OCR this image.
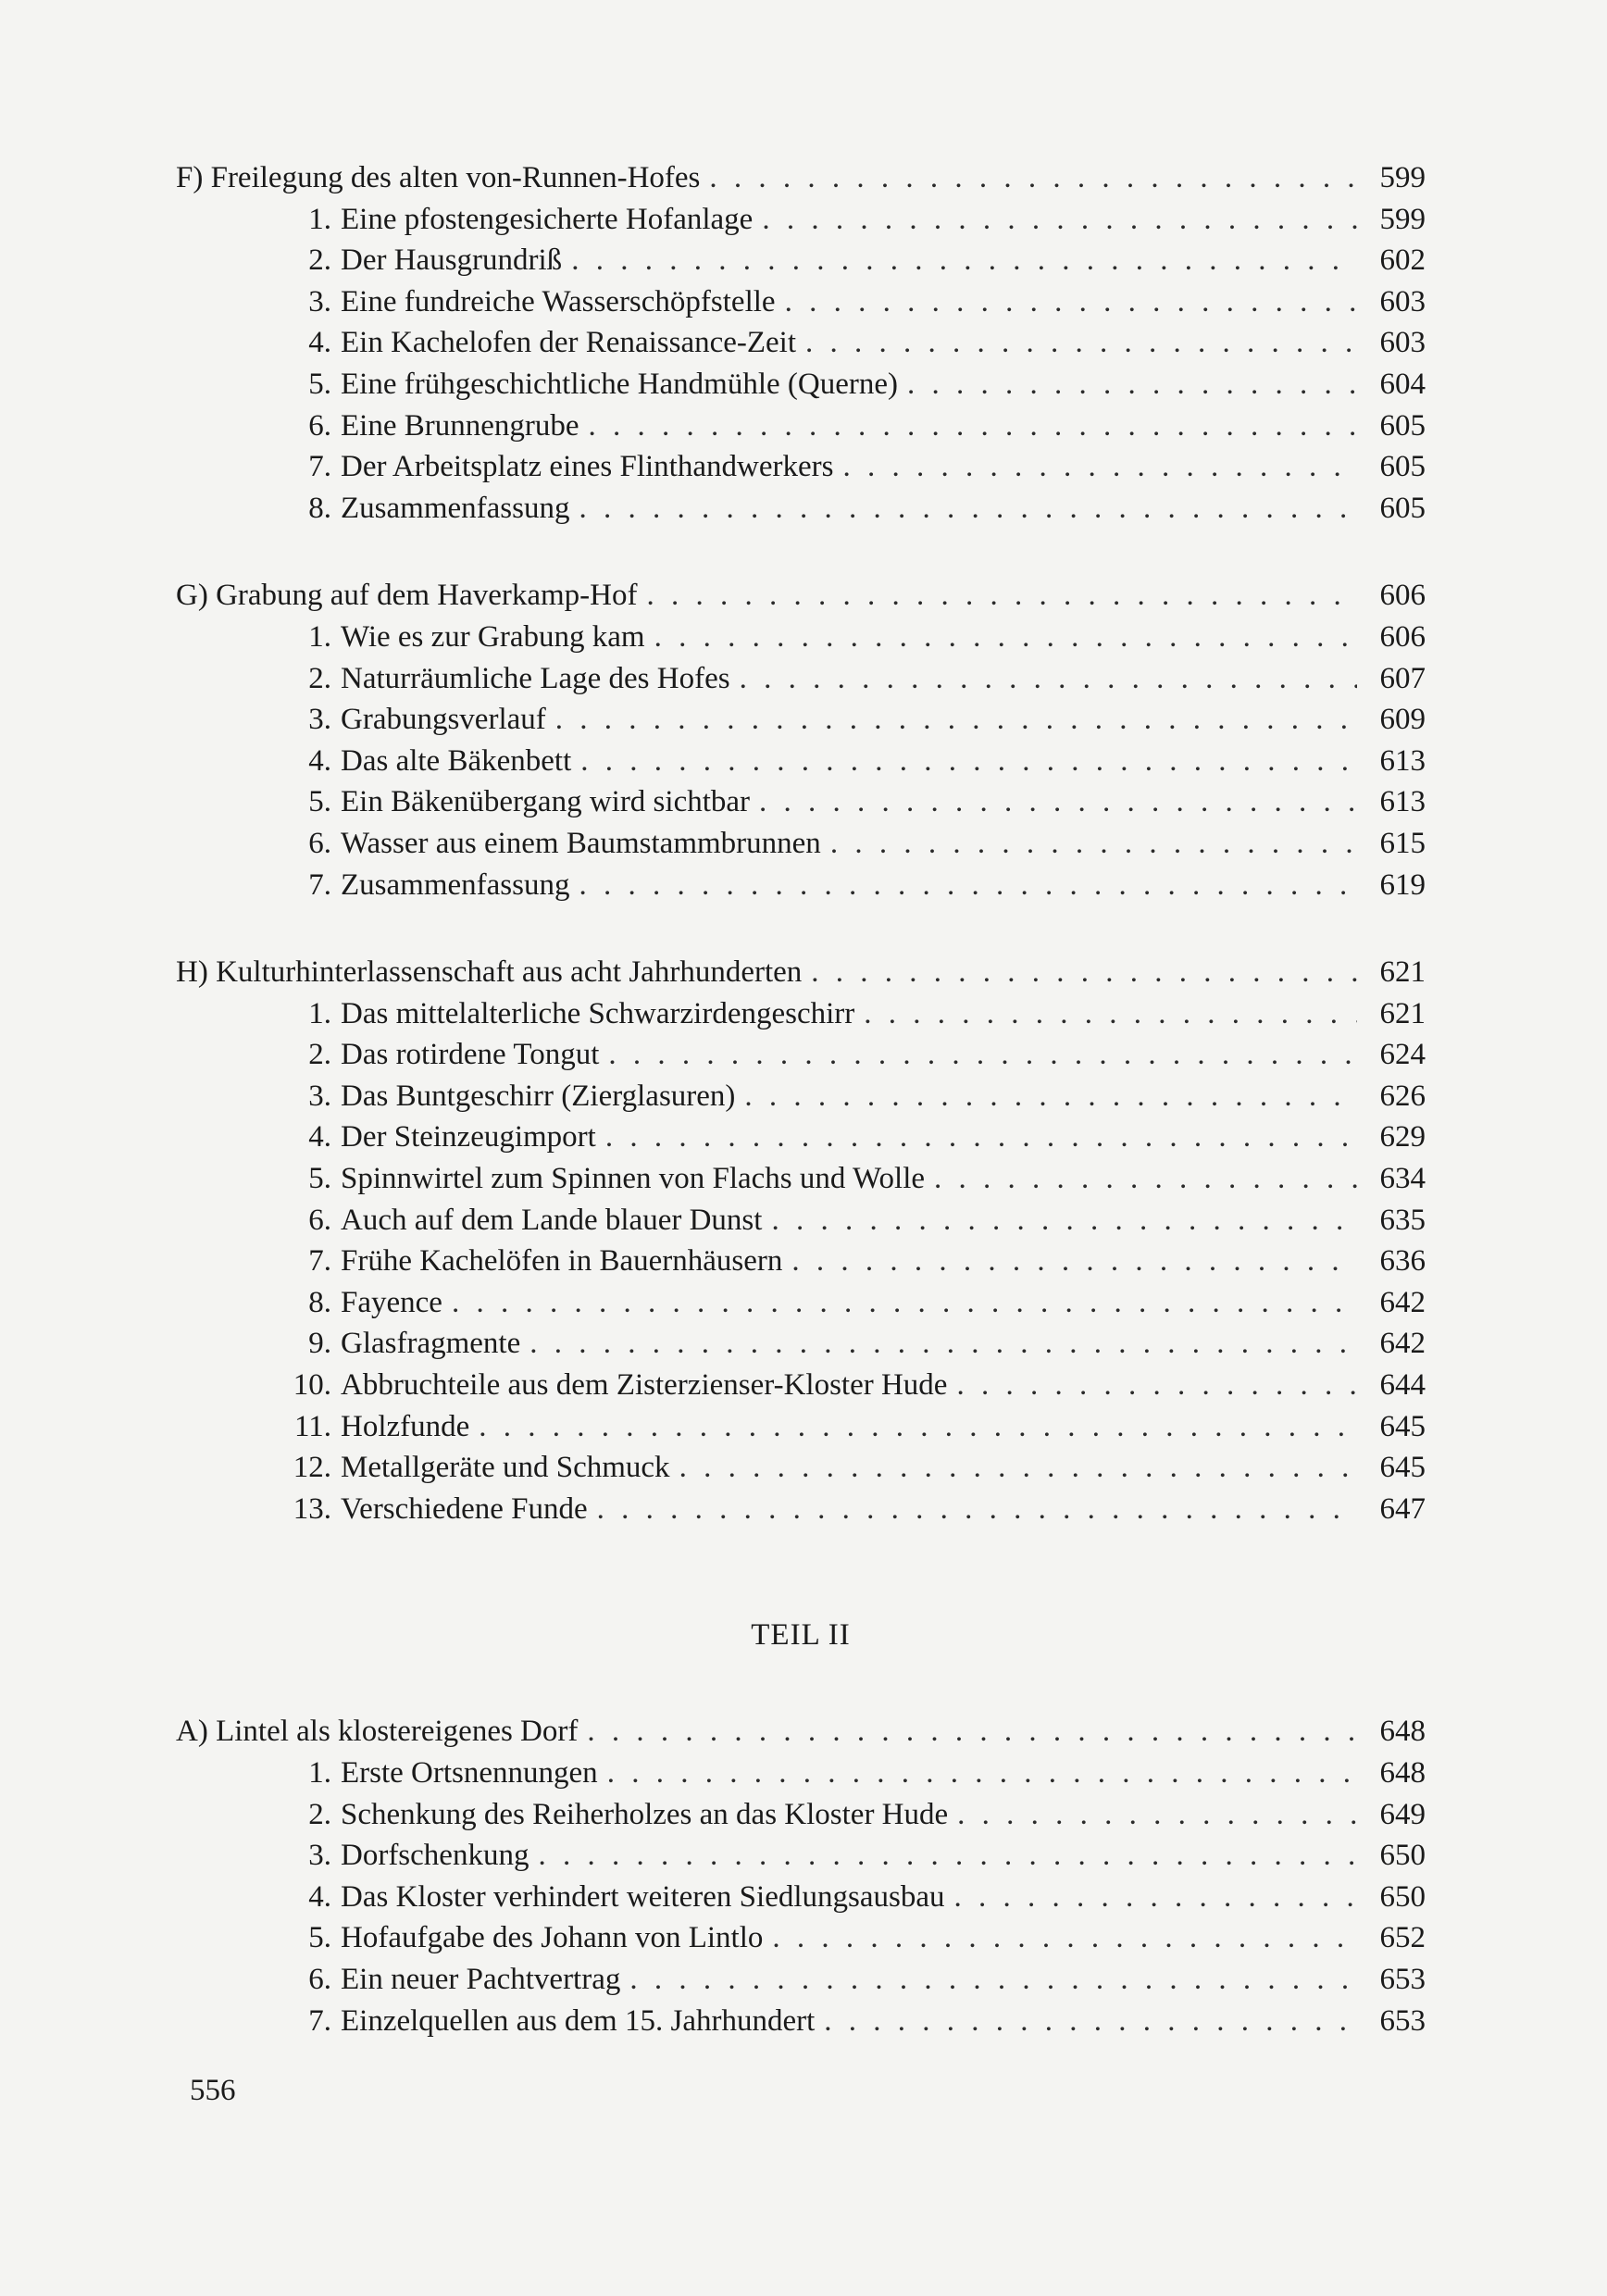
F) Freilegung des alten von-Runnen-Hofes . . .	599
1. Eine pfostengesicherte Hofanlage . . .	599
2. Der Hausgrundriß . . .	602
3. Eine fundreiche Wasserschöpfstelle . . .	603
4. Ein Kachelofen der Renaissance-Zeit . . .	603
5. Eine frühgeschichtliche Handmühle (Querne) . . .	604
6. Eine Brunnengrube . . .	605
7. Der Arbeitsplatz eines Flinthandwerkers . . .	605
8. Zusammenfassung . . .	605
G) Grabung auf dem Haverkamp-Hof . . .	606
1. Wie es zur Grabung kam . . .	606
2. Naturräumliche Lage des Hofes . . .	607
3. Grabungsverlauf . . .	609
4. Das alte Bäkenbett . . .	613
5. Ein Bäkenübergang wird sichtbar . . .	613
6. Wasser aus einem Baumstammbrunnen . . .	615
7. Zusammenfassung . . .	619
H) Kulturhinterlassenschaft aus acht Jahrhunderten . . .	621
1. Das mittelalterliche Schwarzirdengeschirr . . .	621
2. Das rotirdene Tongut . . .	624
3. Das Buntgeschirr (Zierglasuren) . . .	626
4. Der Steinzeugimport . . .	629
5. Spinnwirtel zum Spinnen von Flachs und Wolle . . .	634
6. Auch auf dem Lande blauer Dunst . . .	635
7. Frühe Kachelöfen in Bauernhäusern . . .	636
8. Fayence . . .	642
9. Glasfragmente . . .	642
10. Abbruchteile aus dem Zisterzienser-Kloster Hude . . .	644
11. Holzfunde . . .	645
12. Metallgeräte und Schmuck . . .	645
13. Verschiedene Funde . . .	647
TEIL II
A) Lintel als klostereigenes Dorf . . .	648
1. Erste Ortsnennungen . . .	648
2. Schenkung des Reiherholzes an das Kloster Hude . . .	649
3. Dorfschenkung . . .	650
4. Das Kloster verhindert weiteren Siedlungsausbau . . .	650
5. Hofaufgabe des Johann von Lintlo . . .	652
6. Ein neuer Pachtvertrag . . .	653
7. Einzelquellen aus dem 15. Jahrhundert . . .	653
556
